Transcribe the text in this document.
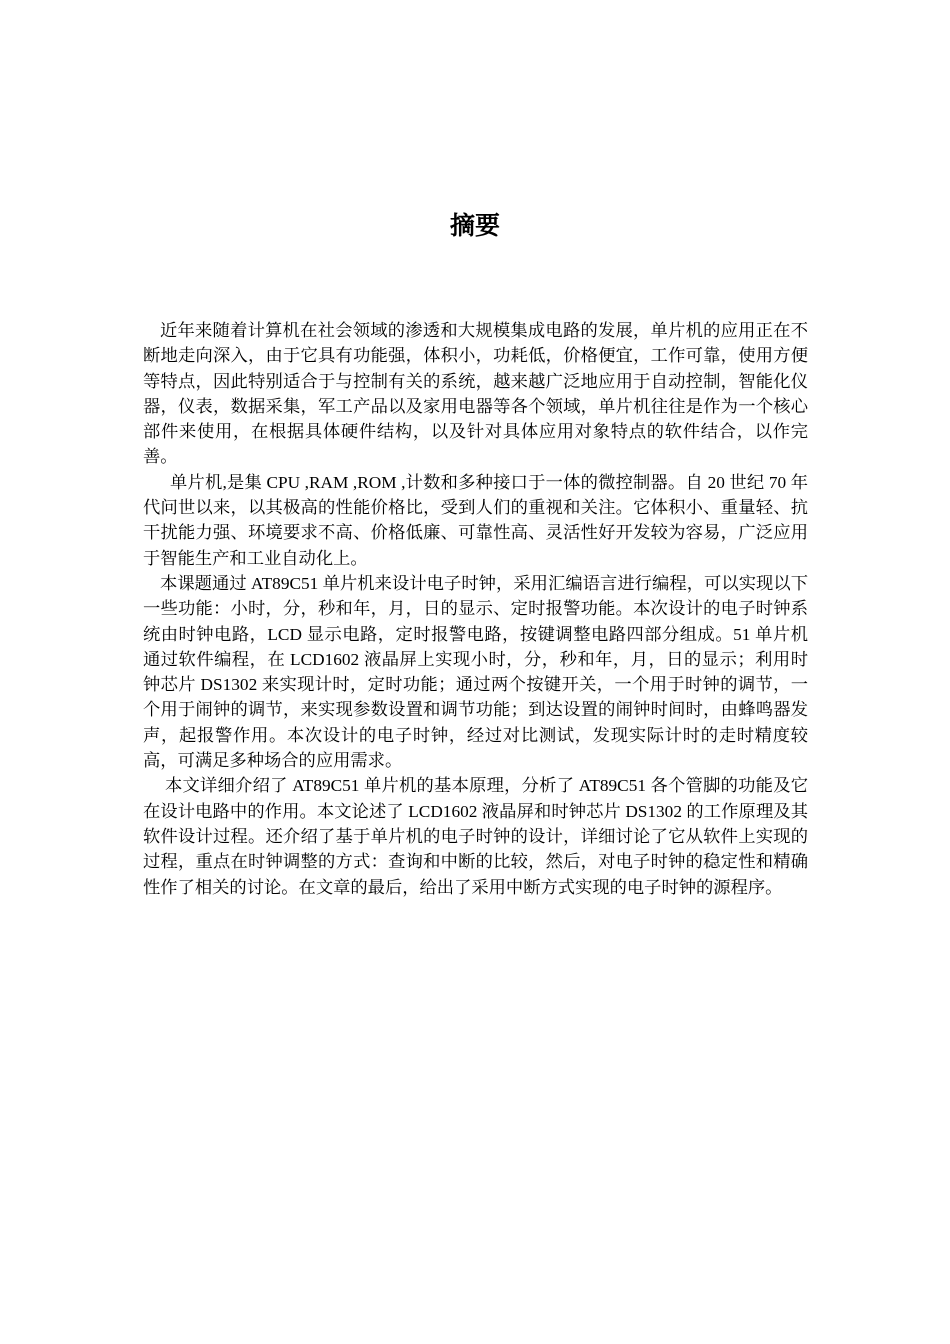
摘要

近年来随着计算机在社会领域的渗透和大规模集成电路的发展，单片机的应用正在不断地走向深入，由于它具有功能强，体积小，功耗低，价格便宜，工作可靠，使用方便等特点，因此特别适合于与控制有关的系统，越来越广泛地应用于自动控制，智能化仪器，仪表，数据采集，军工产品以及家用电器等各个领域，单片机往往是作为一个核心部件来使用，在根据具体硬件结构，以及针对具体应用对象特点的软件结合，以作完善。

单片机,是集 CPU ,RAM ,ROM ,计数和多种接口于一体的微控制器。自 20 世纪 70 年代问世以来，以其极高的性能价格比，受到人们的重视和关注。它体积小、重量轻、抗干扰能力强、环境要求不高、价格低廉、可靠性高、灵活性好开发较为容易，广泛应用于智能生产和工业自动化上。

本课题通过 AT89C51 单片机来设计电子时钟，采用汇编语言进行编程，可以实现以下一些功能：小时，分，秒和年，月，日的显示、定时报警功能。本次设计的电子时钟系统由时钟电路，LCD 显示电路，定时报警电路，按键调整电路四部分组成。51 单片机通过软件编程，在 LCD1602 液晶屏上实现小时，分，秒和年，月，日的显示；利用时钟芯片 DS1302 来实现计时，定时功能；通过两个按键开关，一个用于时钟的调节，一个用于闹钟的调节，来实现参数设置和调节功能；到达设置的闹钟时间时，由蜂鸣器发声，起报警作用。本次设计的电子时钟，经过对比测试，发现实际计时的走时精度较高，可满足多种场合的应用需求。

本文详细介绍了 AT89C51 单片机的基本原理，分析了 AT89C51 各个管脚的功能及它在设计电路中的作用。本文论述了 LCD1602 液晶屏和时钟芯片 DS1302 的工作原理及其软件设计过程。还介绍了基于单片机的电子时钟的设计，详细讨论了它从软件上实现的过程，重点在时钟调整的方式：查询和中断的比较，然后，对电子时钟的稳定性和精确性作了相关的讨论。在文章的最后，给出了采用中断方式实现的电子时钟的源程序。
